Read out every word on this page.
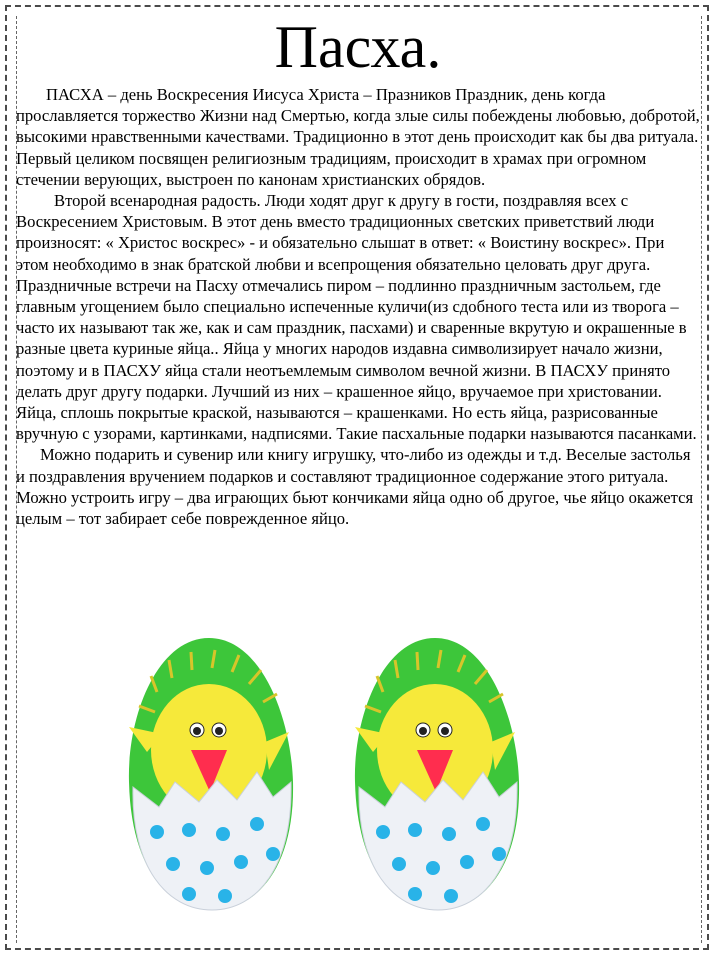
Пасха.

ПАСХА – день Воскресения Иисуса Христа – Празников Праздник, день когда прославляется торжество Жизни над Смертью, когда злые силы побеждены любовью, добротой, высокими нравственными качествами. Традиционно в этот день происходит как бы два ритуала. Первый целиком посвящен религиозным традициям, происходит в храмах при огромном стечении верующих, выстроен по канонам христианских обрядов.

Второй всенародная радость. Люди ходят друг к другу в гости, поздравляя всех с Воскресением Христовым. В этот день вместо традиционных светских приветствий люди произносят: « Христос воскрес» - и обязательно слышат в ответ: « Воистину воскрес». При этом необходимо в знак братской любви и всепрощения обязательно целовать друг друга. Праздничные встречи на Пасху отмечались пиром – подлинно праздничным застольем, где главным угощением было специально испеченные куличи(из сдобного теста или из творога – часто их называют так же, как и сам праздник, пасхами) и сваренные вкрутую и окрашенные в разные цвета куриные яйца.. Яйца у многих народов издавна символизирует начало жизни, поэтому и в ПАСХУ яйца стали неотъемлемым символом вечной жизни. В ПАСХУ принято делать друг другу подарки. Лучший из них – крашенное яйцо, вручаемое при христовании. Яйца, сплошь покрытые краской, называются – крашенками. Но есть яйца, разрисованные вручную с узорами, картинками, надписями. Такие пасхальные подарки называются пасанками.

Можно подарить и сувенир или книгу игрушку, что-либо из одежды и т.д. Веселые застолья и поздравления вручением подарков и составляют традиционное содержание этого ритуала.

Можно устроить игру – два играющих бьют кончиками яйца одно об другое, чье яйцо окажется целым – тот забирает себе поврежденное яйцо.
